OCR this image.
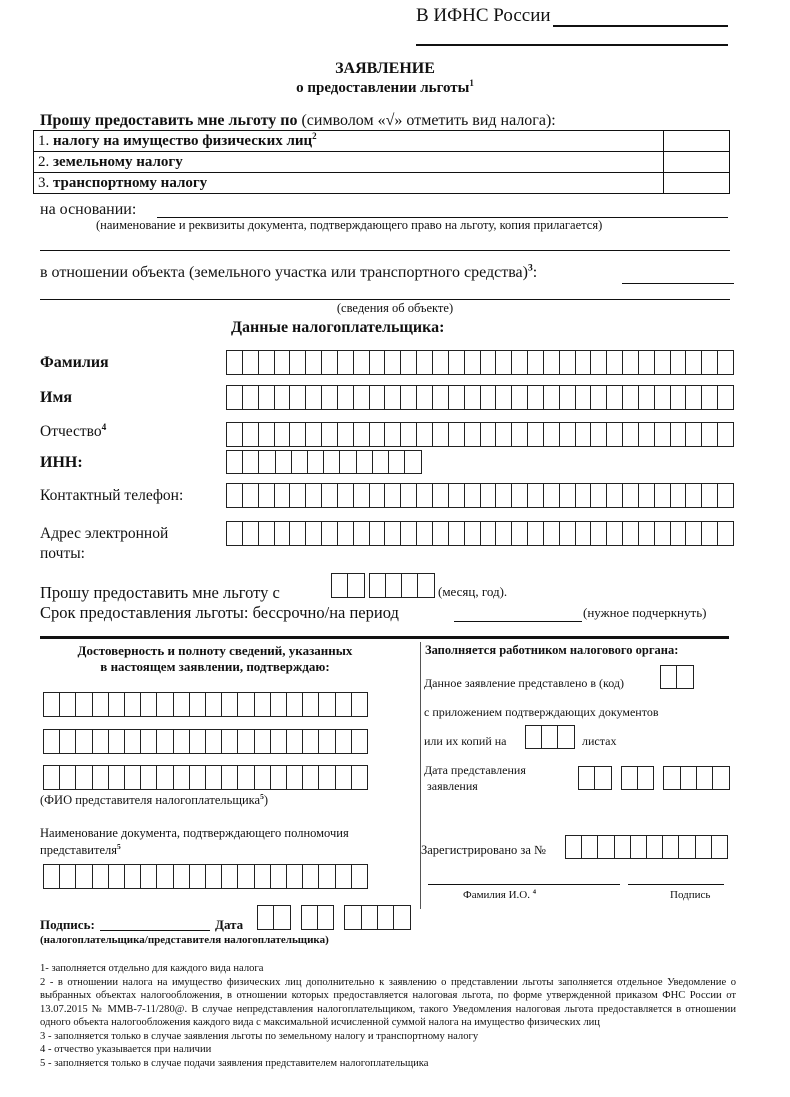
В ИФНС России
ЗАЯВЛЕНИЕ
о предоставлении льготы$^1$
Прошу предоставить мне льготу по (символом «√» отметить вид налога):
1. налогу на имущество физических лиц$^2$	
2. земельному налогу	
3. транспортному налогу	
на основании:
(наименование и реквизиты документа, подтверждающего право на льготу, копия прилагается)
в отношении объекта (земельного участка или транспортного средства)$^3$:
(сведения об объекте)
Данные налогоплательщика:
Фамилия
Имя
Отчество$^4$
ИНН:
Контактный телефон:
Адрес электронной
почты:
Прошу предоставить мне льготу с	(месяц, год).
Срок предоставления льготы: бессрочно/на период	(нужное подчеркнуть)
Достоверность и полноту сведений, указанных
в настоящем заявлении, подтверждаю:
(ФИО представителя налогоплательщика$^5$)
Наименование документа, подтверждающего полномочия
представителя$^5$
Подпись:	Дата
(налогоплательщика/представителя налогоплательщика)
Заполняется работником налогового органа:
Данное заявление представлено в (код)
с приложением подтверждающих документов
или их копий на	листах
Дата представления
заявления
Зарегистрировано за №
Фамилия И.О. $^4$	Подпись
1- заполняется отдельно для каждого вида налога
2 - в отношении налога на имущество физических лиц дополнительно к заявлению о представлении льготы заполняется отдельное Уведомление о выбранных объектах налогообложения, в отношении которых предоставляется налоговая льгота, по форме утвержденной приказом ФНС России от 13.07.2015 № ММВ-7-11/280@. В случае непредставления налогоплательщиком, такого Уведомления налоговая льгота предоставляется в отношении одного объекта налогообложения каждого вида с максимальной исчисленной суммой налога на имущество физических лиц
3 - заполняется только в случае заявления льготы по земельному налогу и транспортному налогу
4 - отчество указывается при наличии
5 - заполняется только в случае подачи заявления представителем налогоплательщика
